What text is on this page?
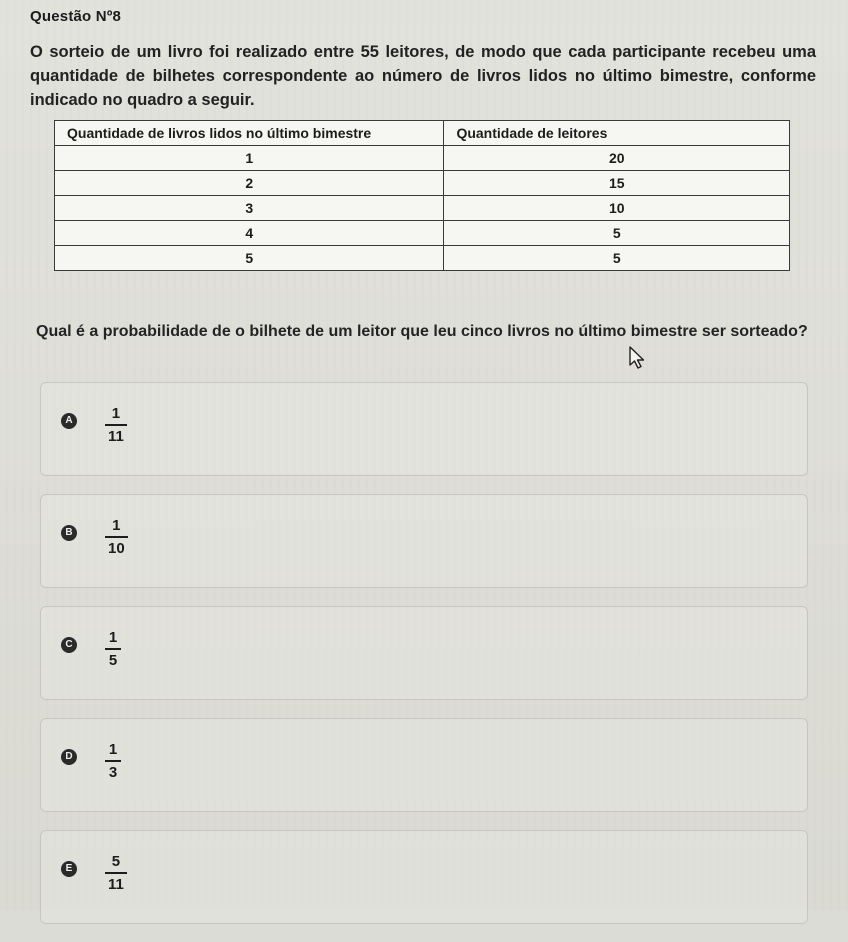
Questão Nº8
O sorteio de um livro foi realizado entre 55 leitores, de modo que cada participante recebeu uma quantidade de bilhetes correspondente ao número de livros lidos no último bimestre, conforme indicado no quadro a seguir.
Quantidade de livros lidos no último bimestre	Quantidade de leitores
1	20
2	15
3	10
4	5
5	5
Qual é a probabilidade de o bilhete de um leitor que leu cinco livros no último bimestre ser sorteado?
A	1
11
B	1
10
C 1
5
D 1
3
E	5
11
